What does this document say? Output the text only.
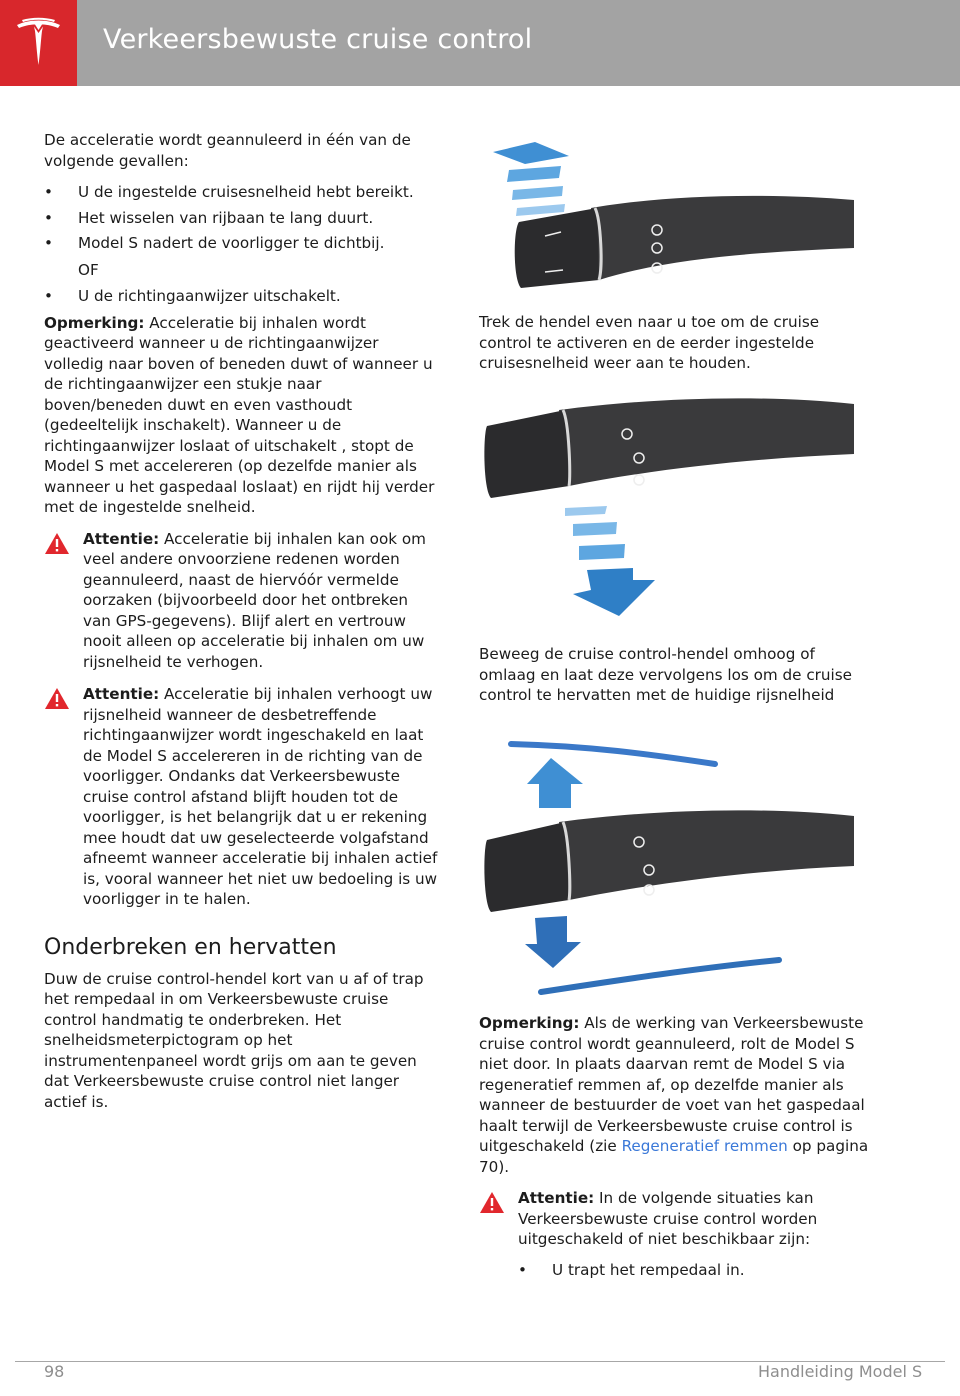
Verkeersbewuste cruise control

De acceleratie wordt geannuleerd in één van de volgende gevallen:

• U de ingestelde cruisesnelheid hebt bereikt.
• Het wisselen van rijbaan te lang duurt.
• Model S nadert de voorligger te dichtbij.
OF
• U de richtingaanwijzer uitschakelt.

Opmerking: Acceleratie bij inhalen wordt geactiveerd wanneer u de richtingaanwijzer volledig naar boven of beneden duwt of wanneer u de richtingaanwijzer een stukje naar boven/beneden duwt en even vasthoudt (gedeeltelijk inschakelt). Wanneer u de richtingaanwijzer loslaat of uitschakelt , stopt de Model S met accelereren (op dezelfde manier als wanneer u het gaspedaal loslaat) en rijdt hij verder met de ingestelde snelheid.

Attentie: Acceleratie bij inhalen kan ook om veel andere onvoorziene redenen worden geannuleerd, naast de hiervóór vermelde oorzaken (bijvoorbeeld door het ontbreken van GPS-gegevens). Blijf alert en vertrouw nooit alleen op acceleratie bij inhalen om uw rijsnelheid te verhogen.
Attentie: Acceleratie bij inhalen verhoogt uw rijsnelheid wanneer de desbetreffende richtingaanwijzer wordt ingeschakeld en laat de Model S accelereren in de richting van de voorligger. Ondanks dat Verkeersbewuste cruise control afstand blijft houden tot de voorligger, is het belangrijk dat u er rekening mee houdt dat uw geselecteerde volgafstand afneemt wanneer acceleratie bij inhalen actief is, vooral wanneer het niet uw bedoeling is uw voorligger in te halen.
Onderbreken en hervatten

Duw de cruise control-hendel kort van u af of trap het rempedaal in om Verkeersbewuste cruise control handmatig te onderbreken. Het snelheidsmeterpictogram op het instrumentenpaneel wordt grijs om aan te geven dat Verkeersbewuste cruise control niet langer actief is.

Trek de hendel even naar u toe om de cruise control te activeren en de eerder ingestelde cruisesnelheid weer aan te houden.
Beweeg de cruise control-hendel omhoog of omlaag en laat deze vervolgens los om de cruise control te hervatten met de huidige rijsnelheid

Opmerking: Als de werking van Verkeersbewuste cruise control wordt geannuleerd, rolt de Model S niet door. In plaats daarvan remt de Model S via regeneratief remmen af, op dezelfde manier als wanneer de bestuurder de voet van het gaspedaal haalt terwijl de Verkeersbewuste cruise control is uitgeschakeld (zie Regeneratief remmen op pagina 70).

Attentie: In de volgende situaties kan Verkeersbewuste cruise control worden uitgeschakeld of niet beschikbaar zijn:
• U trapt het rempedaal in.
98	Handleiding Model S
